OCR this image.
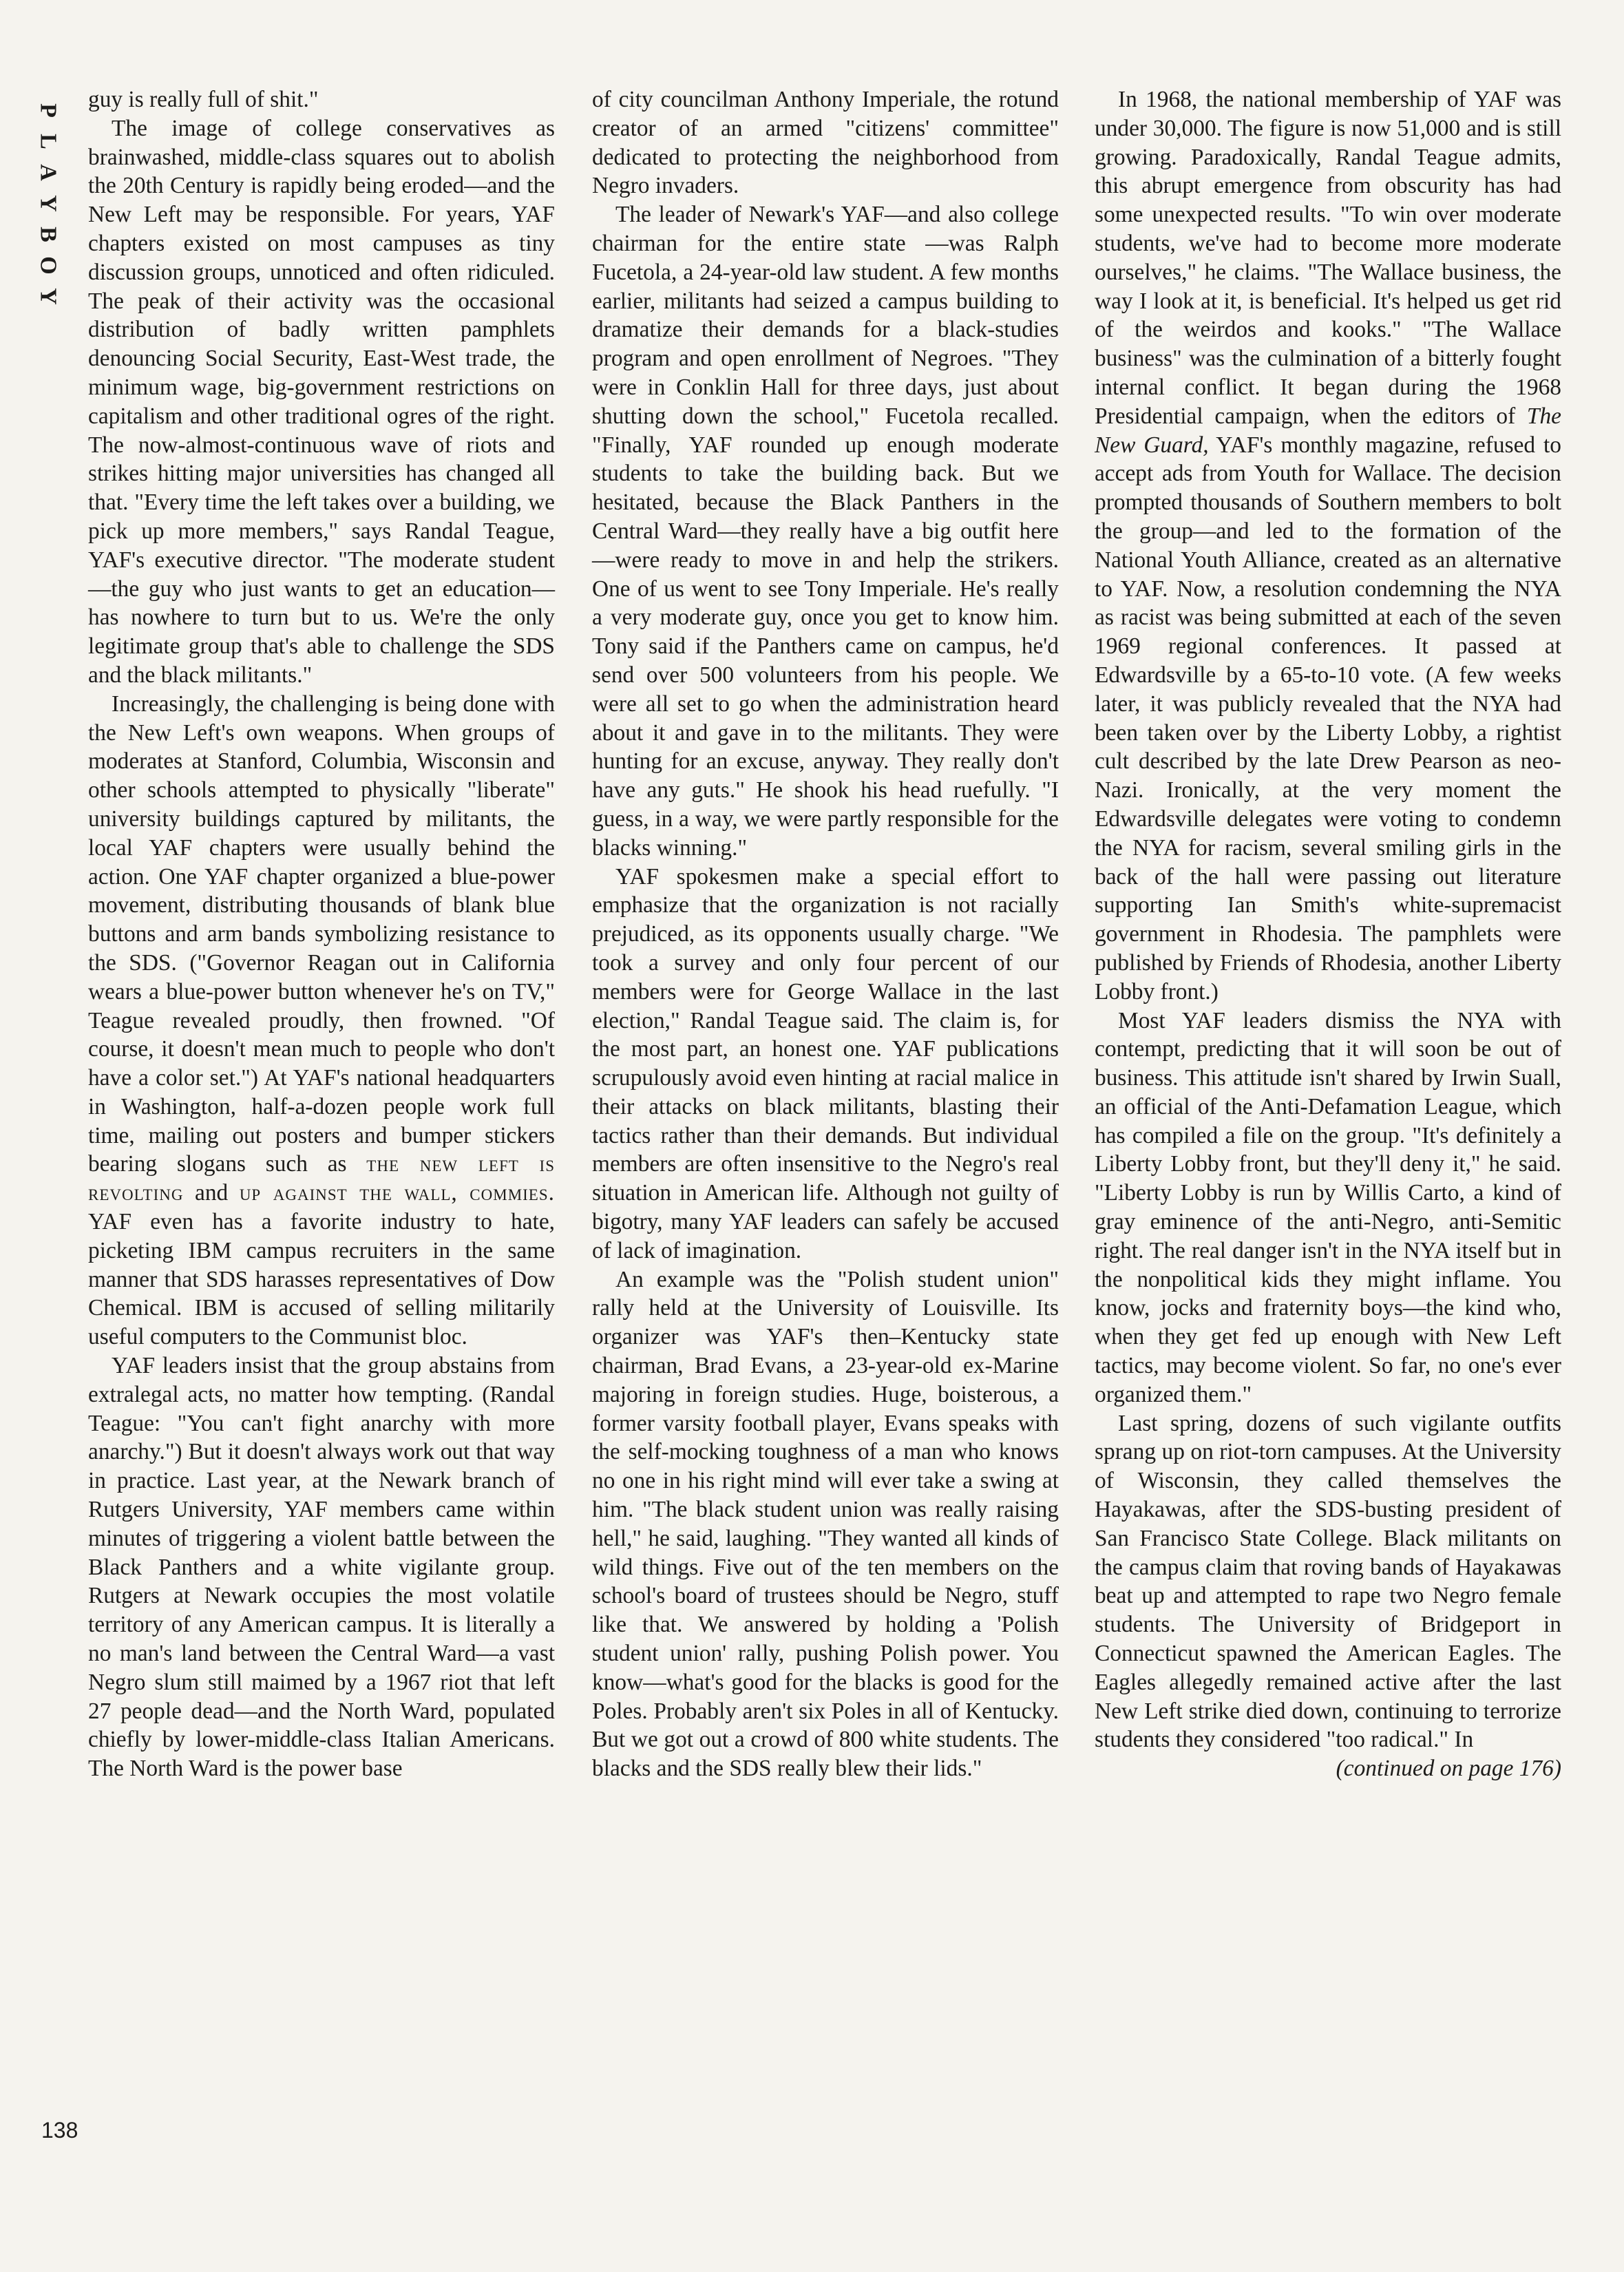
P
L
A
Y
B
O
Y

guy is really full of shit."

The image of college conservatives as brainwashed, middle-class squares out to abolish the 20th Century is rapidly being eroded—and the New Left may be responsible. For years, YAF chapters existed on most campuses as tiny discussion groups, unnoticed and often ridiculed. The peak of their activity was the occasional distribution of badly written pamphlets denouncing Social Security, East-West trade, the minimum wage, big-government restrictions on capitalism and other traditional ogres of the right. The now-almost-continuous wave of riots and strikes hitting major universities has changed all that. "Every time the left takes over a building, we pick up more members," says Randal Teague, YAF's executive director. "The moderate student—the guy who just wants to get an education—has nowhere to turn but to us. We're the only legitimate group that's able to challenge the SDS and the black militants."

Increasingly, the challenging is being done with the New Left's own weapons. When groups of moderates at Stanford, Columbia, Wisconsin and other schools attempted to physically "liberate" university buildings captured by militants, the local YAF chapters were usually behind the action. One YAF chapter organized a blue-power movement, distributing thousands of blank blue buttons and arm bands symbolizing resistance to the SDS. ("Governor Reagan out in California wears a blue-power button whenever he's on TV," Teague revealed proudly, then frowned. "Of course, it doesn't mean much to people who don't have a color set.") At YAF's national headquarters in Washington, half-a-dozen people work full time, mailing out posters and bumper stickers bearing slogans such as the new left is revolting and up against the wall, commies. YAF even has a favorite industry to hate, picketing IBM campus recruiters in the same manner that SDS harasses representatives of Dow Chemical. IBM is accused of selling militarily useful computers to the Communist bloc.

YAF leaders insist that the group abstains from extralegal acts, no matter how tempting. (Randal Teague: "You can't fight anarchy with more anarchy.") But it doesn't always work out that way in practice. Last year, at the Newark branch of Rutgers University, YAF members came within minutes of triggering a violent battle between the Black Panthers and a white vigilante group. Rutgers at Newark occupies the most volatile territory of any American campus. It is literally a no man's land between the Central Ward—a vast Negro slum still maimed by a 1967 riot that left 27 people dead—and the North Ward, populated chiefly by lower-middle-class Italian Americans. The North Ward is the power base

of city councilman Anthony Imperiale, the rotund creator of an armed "citizens' committee" dedicated to protecting the neighborhood from Negro invaders.

The leader of Newark's YAF—and also college chairman for the entire state —was Ralph Fucetola, a 24-year-old law student. A few months earlier, militants had seized a campus building to dramatize their demands for a black-studies program and open enrollment of Negroes. "They were in Conklin Hall for three days, just about shutting down the school," Fucetola recalled. "Finally, YAF rounded up enough moderate students to take the building back. But we hesitated, because the Black Panthers in the Central Ward—they really have a big outfit here—were ready to move in and help the strikers. One of us went to see Tony Imperiale. He's really a very moderate guy, once you get to know him. Tony said if the Panthers came on campus, he'd send over 500 volunteers from his people. We were all set to go when the administration heard about it and gave in to the militants. They were hunting for an excuse, anyway. They really don't have any guts." He shook his head ruefully. "I guess, in a way, we were partly responsible for the blacks winning."

YAF spokesmen make a special effort to emphasize that the organization is not racially prejudiced, as its opponents usually charge. "We took a survey and only four percent of our members were for George Wallace in the last election," Randal Teague said. The claim is, for the most part, an honest one. YAF publications scrupulously avoid even hinting at racial malice in their attacks on black militants, blasting their tactics rather than their demands. But individual members are often insensitive to the Negro's real situation in American life. Although not guilty of bigotry, many YAF leaders can safely be accused of lack of imagination.

An example was the "Polish student union" rally held at the University of Louisville. Its organizer was YAF's then–Kentucky state chairman, Brad Evans, a 23-year-old ex-Marine majoring in foreign studies. Huge, boisterous, a former varsity football player, Evans speaks with the self-mocking toughness of a man who knows no one in his right mind will ever take a swing at him. "The black student union was really raising hell," he said, laughing. "They wanted all kinds of wild things. Five out of the ten members on the school's board of trustees should be Negro, stuff like that. We answered by holding a 'Polish student union' rally, pushing Polish power. You know—what's good for the blacks is good for the Poles. Probably aren't six Poles in all of Kentucky. But we got out a crowd of 800 white students. The blacks and the SDS really blew their lids."

In 1968, the national membership of YAF was under 30,000. The figure is now 51,000 and is still growing. Paradoxically, Randal Teague admits, this abrupt emergence from obscurity has had some unexpected results. "To win over moderate students, we've had to become more moderate ourselves," he claims. "The Wallace business, the way I look at it, is beneficial. It's helped us get rid of the weirdos and kooks." "The Wallace business" was the culmination of a bitterly fought internal conflict. It began during the 1968 Presidential campaign, when the editors of The New Guard, YAF's monthly magazine, refused to accept ads from Youth for Wallace. The decision prompted thousands of Southern members to bolt the group—and led to the formation of the National Youth Alliance, created as an alternative to YAF. Now, a resolution condemning the NYA as racist was being submitted at each of the seven 1969 regional conferences. It passed at Edwardsville by a 65-to-10 vote. (A few weeks later, it was publicly revealed that the NYA had been taken over by the Liberty Lobby, a rightist cult described by the late Drew Pearson as neo-Nazi. Ironically, at the very moment the Edwardsville delegates were voting to condemn the NYA for racism, several smiling girls in the back of the hall were passing out literature supporting Ian Smith's white-supremacist government in Rhodesia. The pamphlets were published by Friends of Rhodesia, another Liberty Lobby front.)

Most YAF leaders dismiss the NYA with contempt, predicting that it will soon be out of business. This attitude isn't shared by Irwin Suall, an official of the Anti-Defamation League, which has compiled a file on the group. "It's definitely a Liberty Lobby front, but they'll deny it," he said. "Liberty Lobby is run by Willis Carto, a kind of gray eminence of the anti-Negro, anti-Semitic right. The real danger isn't in the NYA itself but in the nonpolitical kids they might inflame. You know, jocks and fraternity boys—the kind who, when they get fed up enough with New Left tactics, may become violent. So far, no one's ever organized them."

Last spring, dozens of such vigilante outfits sprang up on riot-torn campuses. At the University of Wisconsin, they called themselves the Hayakawas, after the SDS-busting president of San Francisco State College. Black militants on the campus claim that roving bands of Hayakawas beat up and attempted to rape two Negro female students. The University of Bridgeport in Connecticut spawned the American Eagles. The Eagles allegedly remained active after the last New Left strike died down, continuing to terrorize students they considered "too radical." In

(continued on page 176)

138
